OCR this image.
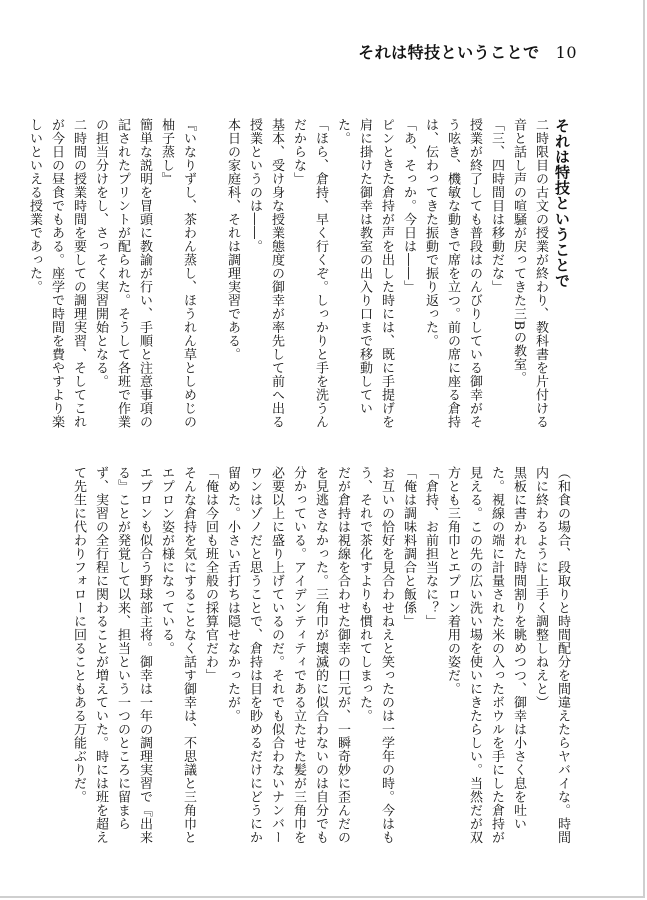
それは特技ということで 10

それは特技ということで

二時限目の古文の授業が終わり、教科書を片付ける音と話し声の喧騒が戻ってきた三Bの教室。

「三、四時間目は移動だな」

授業が終了しても普段はのんびりしている御幸がそう呟き、機敏な動きで席を立つ。前の席に座る倉持は、伝わってきた振動で振り返った。

「あ、そっか。今日は――」

ピンときた倉持が声を出した時には、既に手提げを肩に掛けた御幸は教室の出入り口まで移動していた。

「ほら、倉持、早く行くぞ。しっかりと手を洗うんだからな」

基本、受け身な授業態度の御幸が率先して前へ出る授業というのは――。

本日の家庭科、それは調理実習である。

『いなりずし、茶わん蒸し、ほうれん草としめじの柚子蒸し』

簡単な説明を冒頭に教諭が行い、手順と注意事項の記されたプリントが配られた。そうして各班で作業の担当分けをし、さっそく実習開始となる。

二時間の授業時間を要しての調理実習、そしてこれが今日の昼食でもある。座学で時間を費やすより楽しいといえる授業であった。

（和食の場合、段取りと時間配分を間違えたらヤバイな。時間内に終わるように上手く調整しねえと）

黒板に書かれた時間割りを眺めつつ、御幸は小さく息を吐いた。視線の端に計量された米の入ったボウルを手にした倉持が見える。この先の広い洗い場を使いにきたらしい。当然だが双方とも三角巾とエプロン着用の姿だ。

「倉持、お前担当なに？」

「俺は調味料調合と飯係」

お互いの恰好を見合わせねえと笑ったのは一学年の時。今はもう、それで茶化すよりも慣れてしまった。

だが倉持は視線を合わせた御幸の口元が、一瞬奇妙に歪んだのを見逃さなかった。三角巾が壊滅的に似合わないのは自分でも分かっている。アイデンティティである立たせた髪が三角巾を必要以上に盛り上げているのだ。それでも似合わないナンバーワンはゾノだと思うことで、倉持は目を眇めるだけにどうにか留めた。小さい舌打ちは隠せなかったが。

「俺は今回も班全般の採算官だわ」

そんな倉持を気にすることなく話す御幸は、不思議と三角巾とエプロン姿が様になっている。

エプロンも似合う野球部主将。御幸は一年の調理実習で『出来る』ことが発覚して以来、担当という一つのところに留まらず、実習の全行程に関わることが増えていた。時には班を超えて先生に代わりフォローに回ることもある万能ぶりだ。
